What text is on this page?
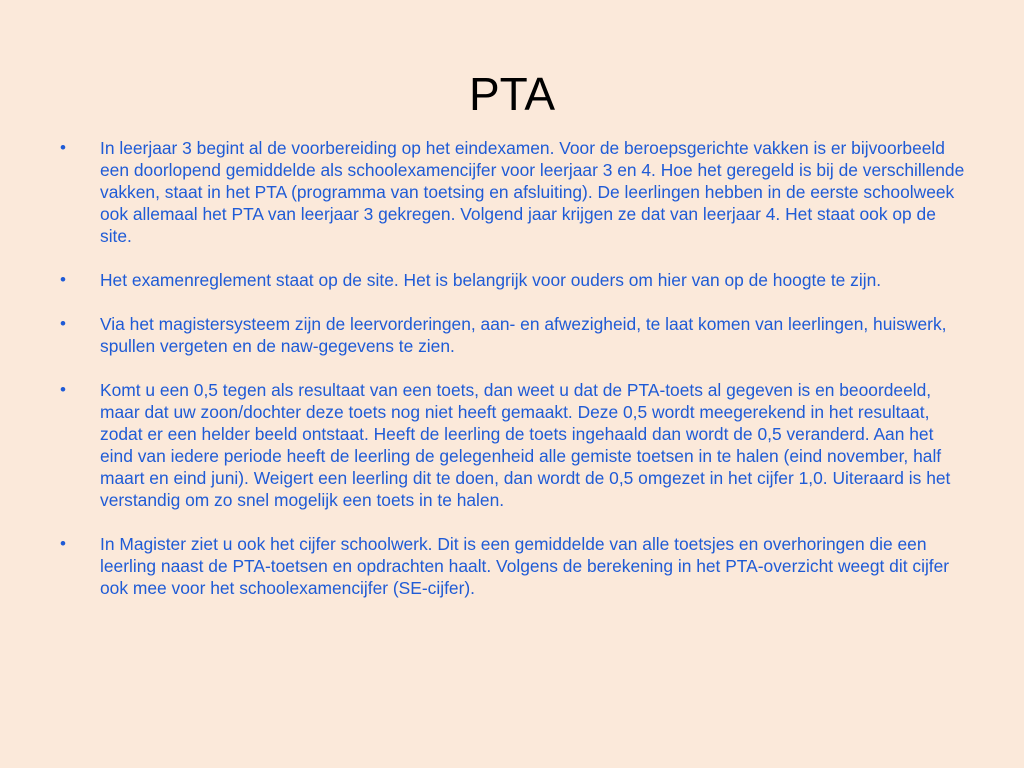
PTA
• In leerjaar 3 begint al de voorbereiding op het eindexamen. Voor de beroepsgerichte vakken is er bijvoorbeeld een doorlopend gemiddelde als schoolexamencijfer voor leerjaar 3 en 4. Hoe het geregeld is bij de verschillende vakken, staat in het PTA (programma van toetsing en afsluiting). De leerlingen hebben in de eerste schoolweek ook allemaal het PTA van leerjaar 3 gekregen. Volgend jaar krijgen ze dat van leerjaar 4. Het staat ook op de site.
• Het examenreglement staat op de site. Het is belangrijk voor ouders om hier van op de hoogte te zijn.
• Via het magistersysteem zijn de leervorderingen, aan- en afwezigheid, te laat komen van leerlingen, huiswerk, spullen vergeten en de naw-gegevens te zien.
• Komt u een 0,5 tegen als resultaat van een toets, dan weet u dat de PTA-toets al gegeven is en beoordeeld, maar dat uw zoon/dochter deze toets nog niet heeft gemaakt. Deze 0,5 wordt meegerekend in het resultaat, zodat er een helder beeld ontstaat. Heeft de leerling de toets ingehaald dan wordt de 0,5 veranderd. Aan het eind van iedere periode heeft de leerling de gelegenheid alle gemiste toetsen in te halen (eind november, half maart en eind juni). Weigert een leerling dit te doen, dan wordt de 0,5 omgezet in het cijfer 1,0. Uiteraard is het verstandig om zo snel mogelijk een toets in te halen.
• In Magister ziet u ook het cijfer schoolwerk. Dit is een gemiddelde van alle toetsjes en overhoringen die een leerling naast de PTA-toetsen en opdrachten haalt. Volgens de berekening in het PTA-overzicht weegt dit cijfer ook mee voor het schoolexamencijfer (SE-cijfer).
